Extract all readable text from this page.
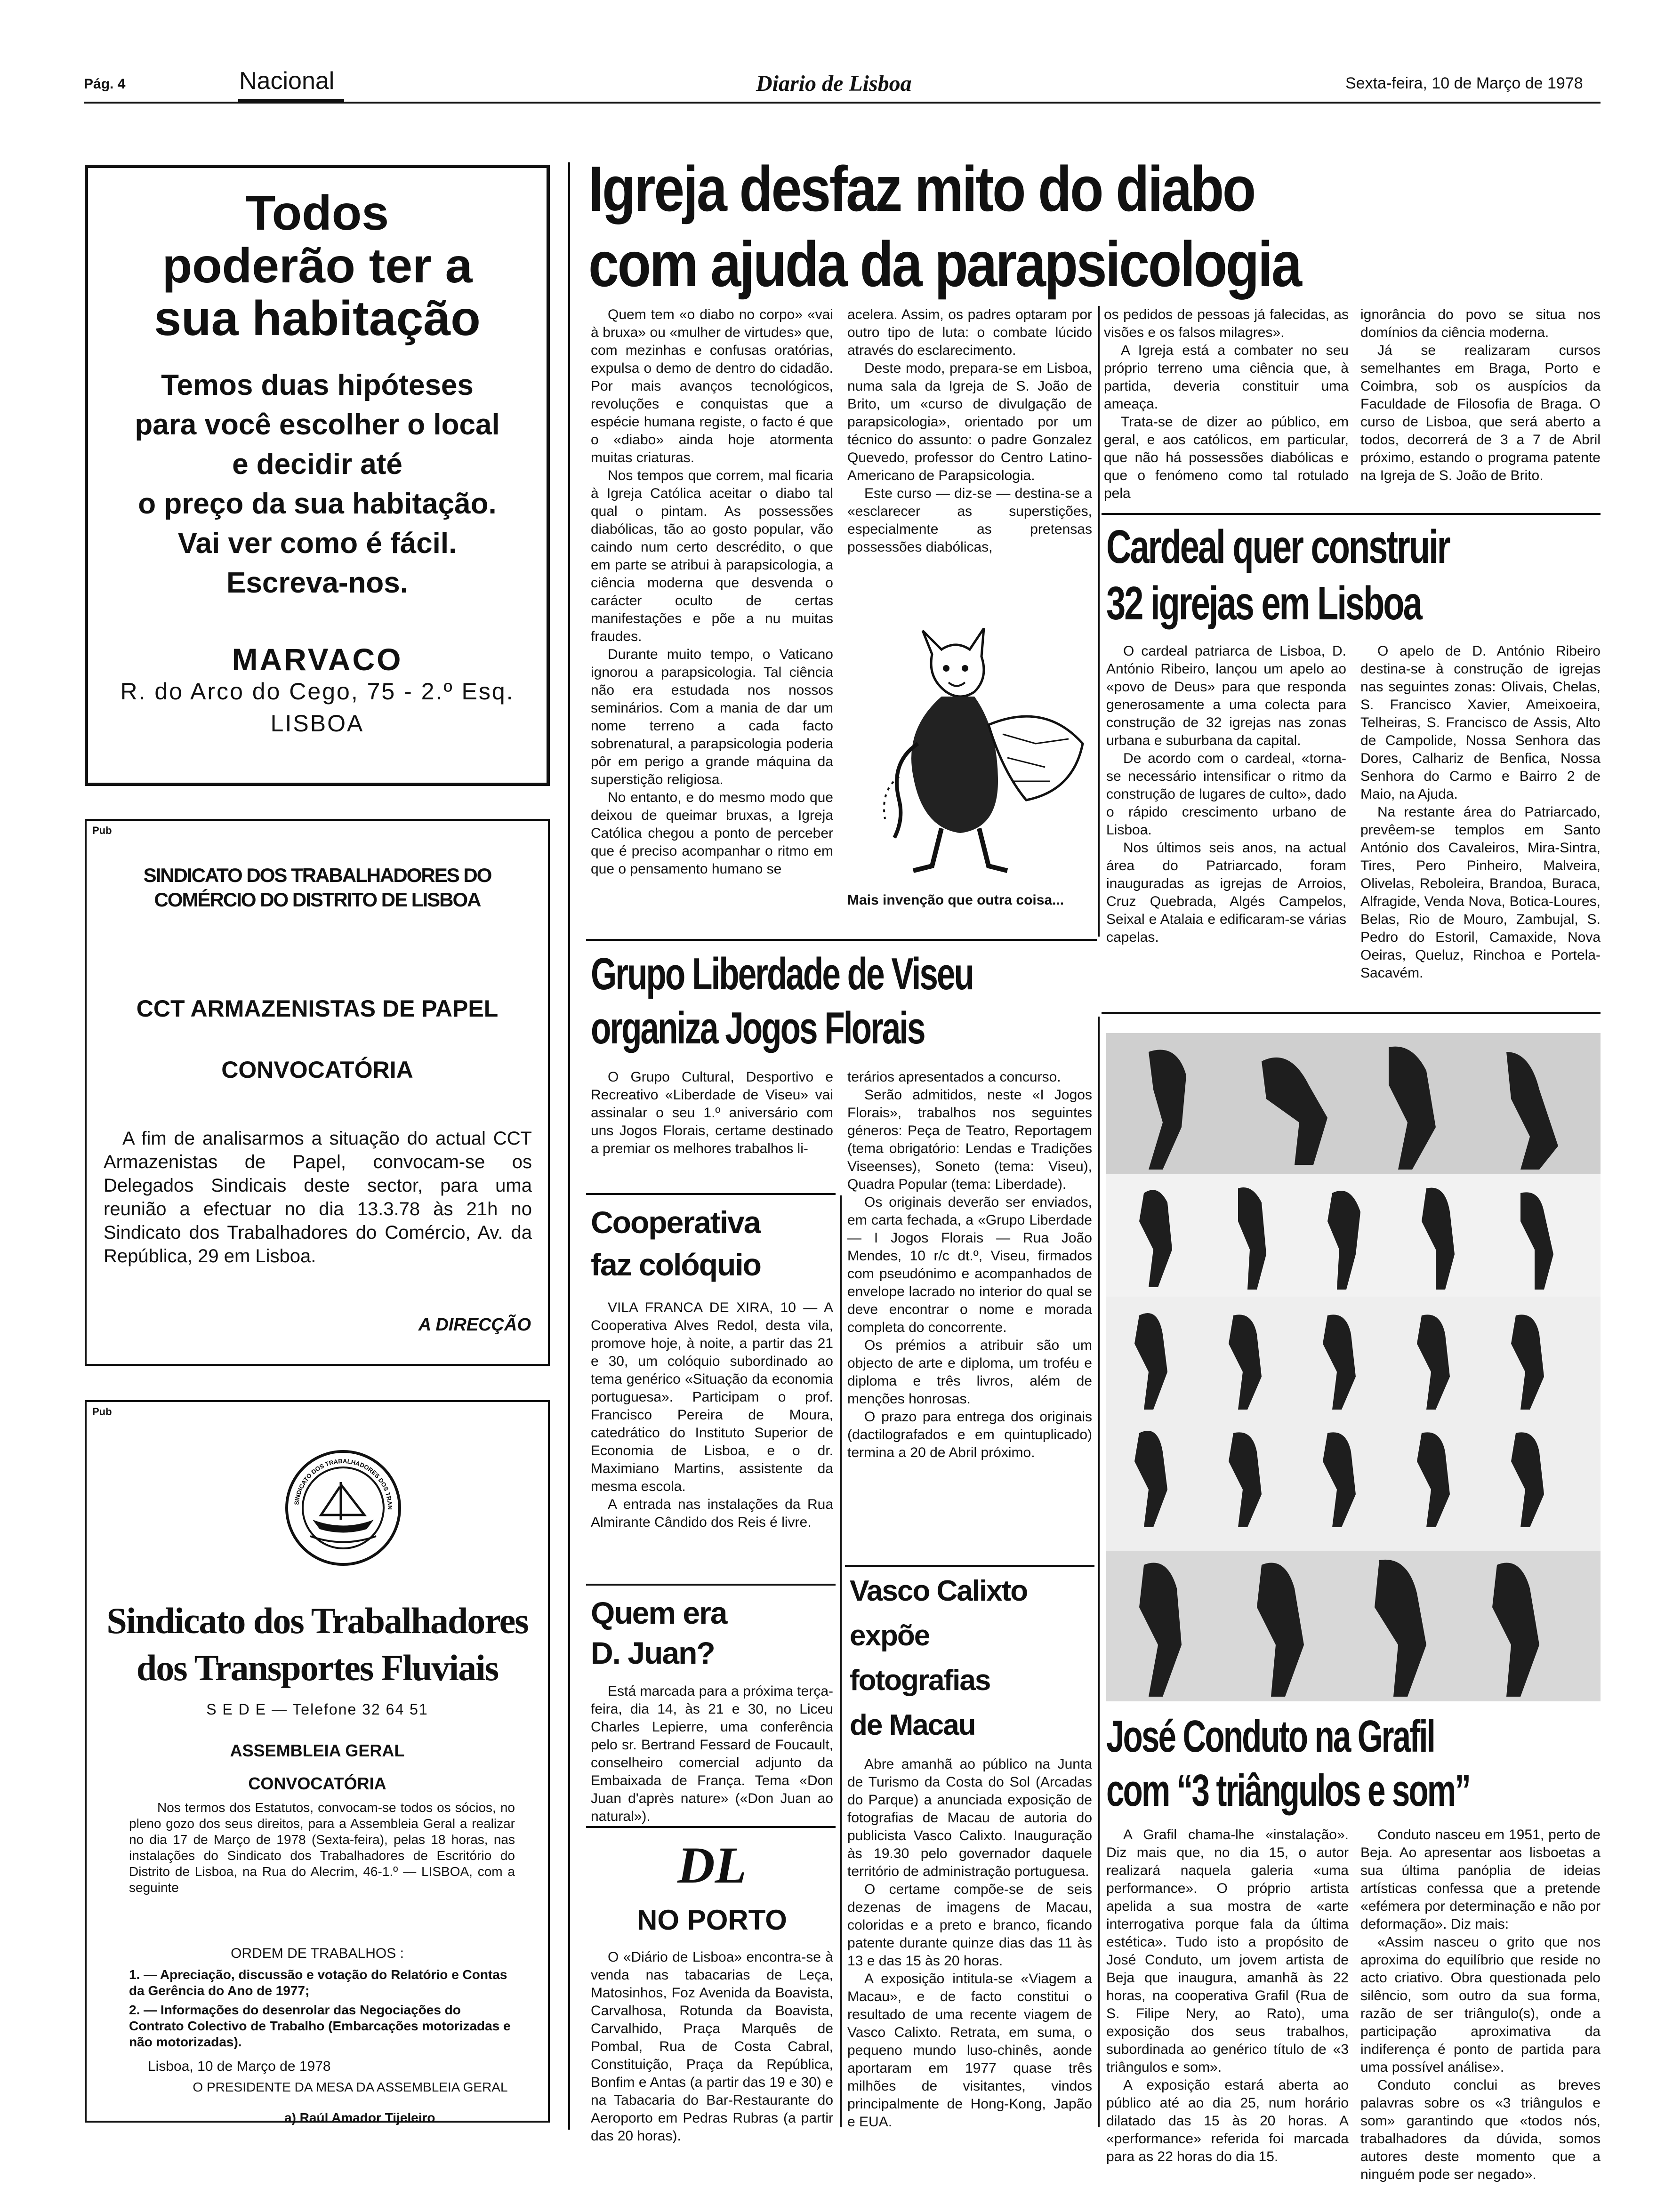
Pág. 4	Nacional	Diario de Lisboa	Sexta-feira, 10 de Março de 1978
Todos poderão ter a sua habitação
Temos duas hipóteses
para você escolher o local
e decidir até
o preço da sua habitação.
Vai ver como é fácil.
Escreva-nos.
MARVACO
R. do Arco do Cego, 75 - 2.º Esq.
LISBOA
Pub
SINDICATO DOS TRABALHADORES DO COMÉRCIO DO DISTRITO DE LISBOA
CCT ARMAZENISTAS DE PAPEL
CONVOCATÓRIA
A fim de analisarmos a situação do actual CCT Armazenistas de Papel, convocam-se os Delegados Sindicais deste sector, para uma reunião a efectuar no dia 13.3.78 às 21h no Sindicato dos Trabalhadores do Comércio, Av. da República, 29 em Lisboa.
A DIRECÇÃO
Pub
SINDICATO DOS TRABALHADORES DOS TRAN
Sindicato dos Trabalhadores
dos Transportes Fluviais
S E D E — Telefone 32 64 51
ASSEMBLEIA GERAL
CONVOCATÓRIA
Nos termos dos Estatutos, convocam-se todos os sócios, no pleno gozo dos seus direitos, para a Assembleia Geral a realizar no dia 17 de Março de 1978 (Sexta-feira), pelas 18 horas, nas instalações do Sindicato dos Trabalhadores de Escritório do Distrito de Lisboa, na Rua do Alecrim, 46-1.º — LISBOA, com a seguinte
ORDEM DE TRABALHOS :
1. — Apreciação, discussão e votação do Relatório e Contas da Gerência do Ano de 1977;
2. — Informações do desenrolar das Negociações do Contrato Colectivo de Trabalho (Embarcações motorizadas e não motorizadas).
Lisboa, 10 de Março de 1978
O PRESIDENTE DA MESA DA ASSEMBLEIA GERAL
a) Raúl Amador Tijeleiro
Igreja desfaz mito do diabo
com ajuda da parapsicologia

Quem tem «o diabo no corpo» «vai à bruxa» ou «mulher de virtudes» que, com mezinhas e confusas oratórias, expulsa o demo de dentro do cidadão. Por mais avanços tecnológicos, revoluções e conquistas que a espécie humana registe, o facto é que o «diabo» ainda hoje atormenta muitas criaturas.

Nos tempos que correm, mal ficaria à Igreja Católica aceitar o diabo tal qual o pintam. As possessões diabólicas, tão ao gosto popular, vão caindo num certo descrédito, o que em parte se atribui à parapsicologia, a ciência moderna que desvenda o carácter oculto de certas manifestações e põe a nu muitas fraudes.

Durante muito tempo, o Vaticano ignorou a parapsicologia. Tal ciência não era estudada nos nossos seminários. Com a mania de dar um nome terreno a cada facto sobrenatural, a parapsicologia poderia pôr em perigo a grande máquina da superstição religiosa.

No entanto, e do mesmo modo que deixou de queimar bruxas, a Igreja Católica chegou a ponto de perceber que é preciso acompanhar o ritmo em que o pensamento humano se

acelera. Assim, os padres optaram por outro tipo de luta: o combate lúcido através do esclarecimento.

Deste modo, prepara-se em Lisboa, numa sala da Igreja de S. João de Brito, um «curso de divulgação de parapsicologia», orientado por um técnico do assunto: o padre Gonzalez Quevedo, professor do Centro Latino-Americano de Parapsicologia.

Este curso — diz-se — destina-se a «esclarecer as superstições, especialmente as pretensas possessões diabólicas,

Mais invenção que outra coisa...

os pedidos de pessoas já falecidas, as visões e os falsos milagres».

A Igreja está a combater no seu próprio terreno uma ciência que, à partida, deveria constituir uma ameaça.

Trata-se de dizer ao público, em geral, e aos católicos, em particular, que não há possessões diabólicas e que o fenómeno como tal rotulado pela

ignorância do povo se situa nos domínios da ciência moderna.

Já se realizaram cursos semelhantes em Braga, Porto e Coimbra, sob os auspícios da Faculdade de Filosofia de Braga. O curso de Lisboa, que será aberto a todos, decorrerá de 3 a 7 de Abril próximo, estando o programa patente na Igreja de S. João de Brito.

Cardeal quer construir
32 igrejas em Lisboa

O cardeal patriarca de Lisboa, D. António Ribeiro, lançou um apelo ao «povo de Deus» para que responda generosamente a uma colecta para construção de 32 igrejas nas zonas urbana e suburbana da capital.

De acordo com o cardeal, «torna-se necessário intensificar o ritmo da construção de lugares de culto», dado o rápido crescimento urbano de Lisboa.

Nos últimos seis anos, na actual área do Patriarcado, foram inauguradas as igrejas de Arroios, Cruz Quebrada, Algés Campelos, Seixal e Atalaia e edificaram-se várias capelas.

O apelo de D. António Ribeiro destina-se à construção de igrejas nas seguintes zonas: Olivais, Chelas, S. Francisco Xavier, Ameixoeira, Telheiras, S. Francisco de Assis, Alto de Campolide, Nossa Senhora das Dores, Calhariz de Benfica, Nossa Senhora do Carmo e Bairro 2 de Maio, na Ajuda.

Na restante área do Patriarcado, prevêem-se templos em Santo António dos Cavaleiros, Mira-Sintra, Tires, Pero Pinheiro, Malveira, Olivelas, Reboleira, Brandoa, Buraca, Alfragide, Venda Nova, Botica-Loures, Belas, Rio de Mouro, Zambujal, S. Pedro do Estoril, Camaxide, Nova Oeiras, Queluz, Rinchoa e Portela-Sacavém.

Grupo Liberdade de Viseu
organiza Jogos Florais

O Grupo Cultural, Desportivo e Recreativo «Liberdade de Viseu» vai assinalar o seu 1.º aniversário com uns Jogos Florais, certame destinado a premiar os melhores trabalhos li-

terários apresentados a concurso.

Serão admitidos, neste «I Jogos Florais», trabalhos nos seguintes géneros: Peça de Teatro, Reportagem (tema obrigatório: Lendas e Tradições Viseenses), Soneto (tema: Viseu), Quadra Popular (tema: Liberdade).

Os originais deverão ser enviados, em carta fechada, a «Grupo Liberdade — I Jogos Florais — Rua João Mendes, 10 r/c dt.º, Viseu, firmados com pseudónimo e acompanhados de envelope lacrado no interior do qual se deve encontrar o nome e morada completa do concorrente.

Os prémios a atribuir são um objecto de arte e diploma, um troféu e diploma e três livros, além de menções honrosas.

O prazo para entrega dos originais (dactilografados e em quintuplicado) termina a 20 de Abril próximo.

Cooperativa
faz colóquio

VILA FRANCA DE XIRA, 10 — A Cooperativa Alves Redol, desta vila, promove hoje, à noite, a partir das 21 e 30, um colóquio subordinado ao tema genérico «Situação da economia portuguesa». Participam o prof. Francisco Pereira de Moura, catedrático do Instituto Superior de Economia de Lisboa, e o dr. Maximiano Martins, assistente da mesma escola.

A entrada nas instalações da Rua Almirante Cândido dos Reis é livre.

Quem era
D. Juan?

Está marcada para a próxima terça-feira, dia 14, às 21 e 30, no Liceu Charles Lepierre, uma conferência pelo sr. Bertrand Fessard de Foucault, conselheiro comercial adjunto da Embaixada de França. Tema «Don Juan d'après nature» («Don Juan ao natural»).

DL
NO PORTO

O «Diário de Lisboa» encontra-se à venda nas tabacarias de Leça, Matosinhos, Foz Avenida da Boavista, Carvalhosa, Rotunda da Boavista, Carvalhido, Praça Marquês de Pombal, Rua de Costa Cabral, Constituição, Praça da República, Bonfim e Antas (a partir das 19 e 30) e na Tabacaria do Bar-Restaurante do Aeroporto em Pedras Rubras (a partir das 20 horas).

Vasco Calixto
expõe
fotografias
de Macau

Abre amanhã ao público na Junta de Turismo da Costa do Sol (Arcadas do Parque) a anunciada exposição de fotografias de Macau de autoria do publicista Vasco Calixto. Inauguração às 19.30 pelo governador daquele território de administração portuguesa.

O certame compõe-se de seis dezenas de imagens de Macau, coloridas e a preto e branco, ficando patente durante quinze dias das 11 às 13 e das 15 às 20 horas.

A exposição intitula-se «Viagem a Macau», e de facto constitui o resultado de uma recente viagem de Vasco Calixto. Retrata, em suma, o pequeno mundo luso-chinês, aonde aportaram em 1977 quase três milhões de visitantes, vindos principalmente de Hong-Kong, Japão e EUA.

José Conduto na Grafil
com “3 triângulos e som”

A Grafil chama-lhe «instalação». Diz mais que, no dia 15, o autor realizará naquela galeria «uma performance». O próprio artista apelida a sua mostra de «arte interrogativa porque fala da última estética». Tudo isto a propósito de José Conduto, um jovem artista de Beja que inaugura, amanhã às 22 horas, na cooperativa Grafil (Rua de S. Filipe Nery, ao Rato), uma exposição dos seus trabalhos, subordinada ao genérico título de «3 triângulos e som».

A exposição estará aberta ao público até ao dia 25, num horário dilatado das 15 às 20 horas. A «performance» referida foi marcada para as 22 horas do dia 15.

Conduto nasceu em 1951, perto de Beja. Ao apresentar aos lisboetas a sua última panóplia de ideias artísticas confessa que a pretende «efémera por determinação e não por deformação». Diz mais:

«Assim nasceu o grito que nos aproxima do equilíbrio que reside no acto criativo. Obra questionada pelo silêncio, som outro da sua forma, razão de ser triângulo(s), onde a participação aproximativa da indiferença é ponto de partida para uma possível análise».

Conduto conclui as breves palavras sobre os «3 triângulos e som» garantindo que «todos nós, trabalhadores da dúvida, somos autores deste momento que a ninguém pode ser negado».
